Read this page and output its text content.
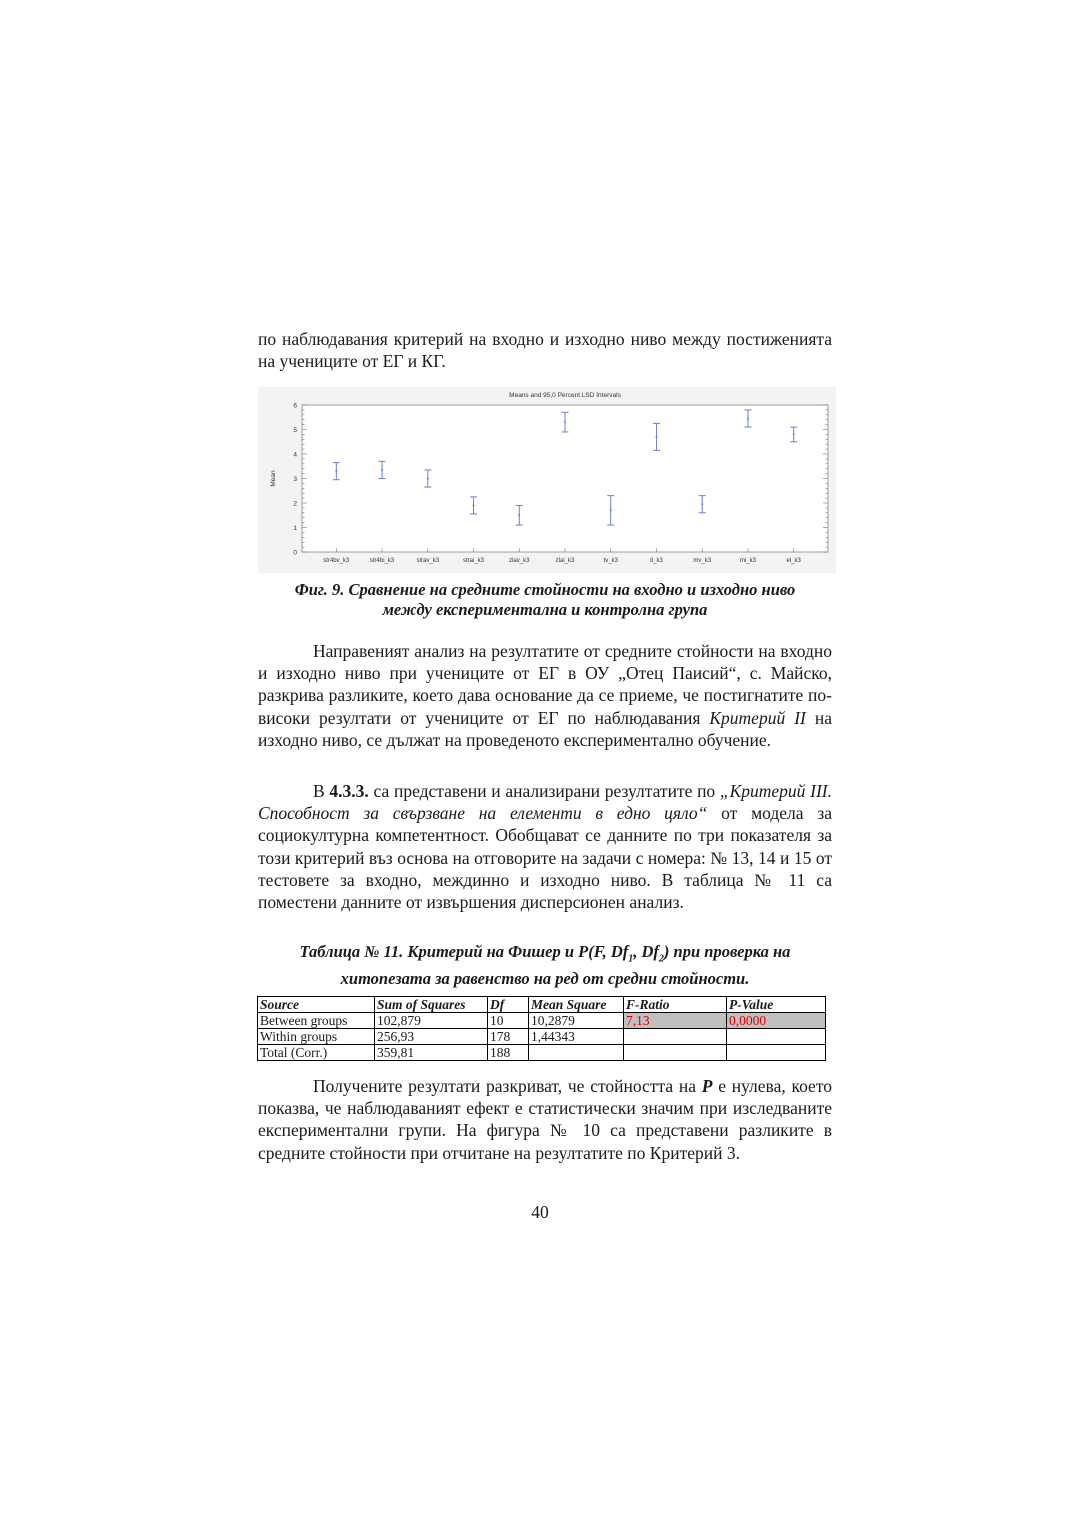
по наблюдавания критерий на входно и изходно ниво между постиженията на учениците от ЕГ и КГ.

Means and 95,0 Percent LSD Intervals
Mean
0
1
2
3
4
5
6
str4bv_k3	str4bi_k3	strav_k3	strai_k3	zlav_k3	zlai_k3	tv_k3	ti_k3	mv_k3	mi_k3	el_k3
Фиг. 9. Сравнение на средните стойности на входно и изходно ниво
между експериментална и контролна група

Направеният анализ на резултатите от средните стойности на входно и изходно ниво при учениците от ЕГ в ОУ „Отец Паисий“, с. Майско, разкрива разликите, което дава основание да се приеме, че постигнатите по-високи резултати от учениците от ЕГ по наблюдавания Критерий II на изходно ниво, се дължат на проведеното експериментално обучение.

В 4.3.3. са представени и анализирани резултатите по „Критерий III. Способност за свързване на елементи в едно цяло“ от модела за социокултурна компетентност. Обобщават се данните по три показателя за този критерий въз основа на отговорите на задачи с номера: № 13, 14 и 15 от тестовете за входно, междинно и изходно ниво. В таблица № 11 са поместени данните от извършения дисперсионен анализ.

Таблица № 11. Критерий на Фишер и P(F, $Df_1$, $Df_2$) при проверка на
хитопезата за равенство на ред от средни стойности.
Source	Sum of Squares	Df	Mean Square	F-Ratio	P-Value
Between groups	102,879	10	10,2879	7,13	0,0000
Within groups	256,93	178	1,44343		
Total (Corr.)	359,81	188			

Получените резултати разкриват, че стойността на P е нулева, което показва, че наблюдаваният ефект е статистически значим при изследваните експериментални групи. На фигура № 10 са представени разликите в средните стойности при отчитане на резултатите по Критерий 3.

40
